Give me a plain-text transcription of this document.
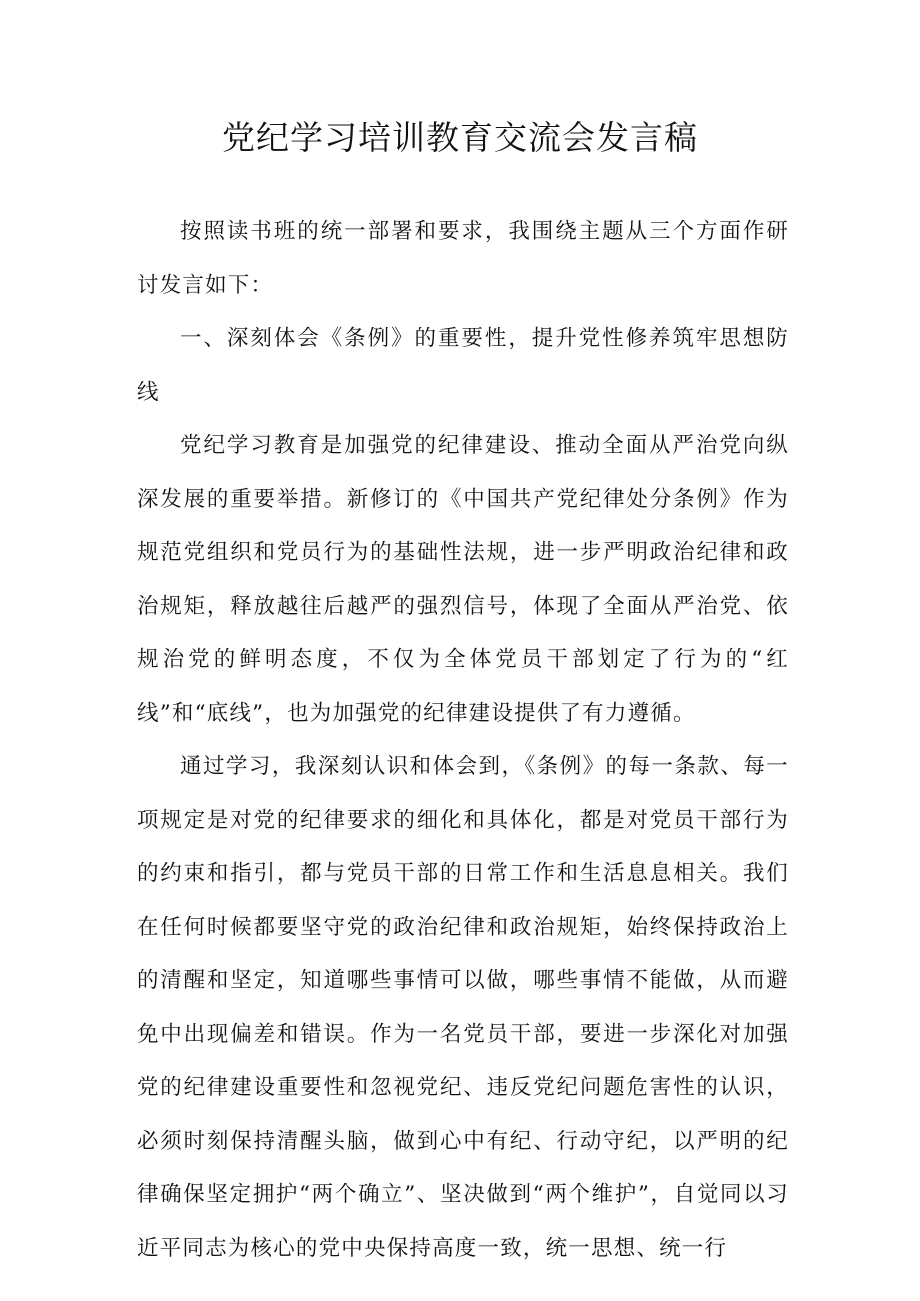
党纪学习培训教育交流会发言稿

按照读书班的统一部署和要求，我围绕主题从三个方面作研讨发言如下：

一、深刻体会《条例》的重要性，提升党性修养筑牢思想防线

党纪学习教育是加强党的纪律建设、推动全面从严治党向纵深发展的重要举措。新修订的《中国共产党纪律处分条例》作为规范党组织和党员行为的基础性法规，进一步严明政治纪律和政治规矩，释放越往后越严的强烈信号，体现了全面从严治党、依规治党的鲜明态度，不仅为全体党员干部划定了行为的“红线”和“底线”，也为加强党的纪律建设提供了有力遵循。

通过学习，我深刻认识和体会到，《条例》的每一条款、每一项规定是对党的纪律要求的细化和具体化，都是对党员干部行为的约束和指引，都与党员干部的日常工作和生活息息相关。我们在任何时候都要坚守党的政治纪律和政治规矩，始终保持政治上的清醒和坚定，知道哪些事情可以做，哪些事情不能做，从而避免中出现偏差和错误。作为一名党员干部，要进一步深化对加强党的纪律建设重要性和忽视党纪、违反党纪问题危害性的认识，必须时刻保持清醒头脑，做到心中有纪、行动守纪，以严明的纪律确保坚定拥护“两个确立”、坚决做到“两个维护”，自觉同以习近平同志为核心的党中央保持高度一致，统一思想、统一行
